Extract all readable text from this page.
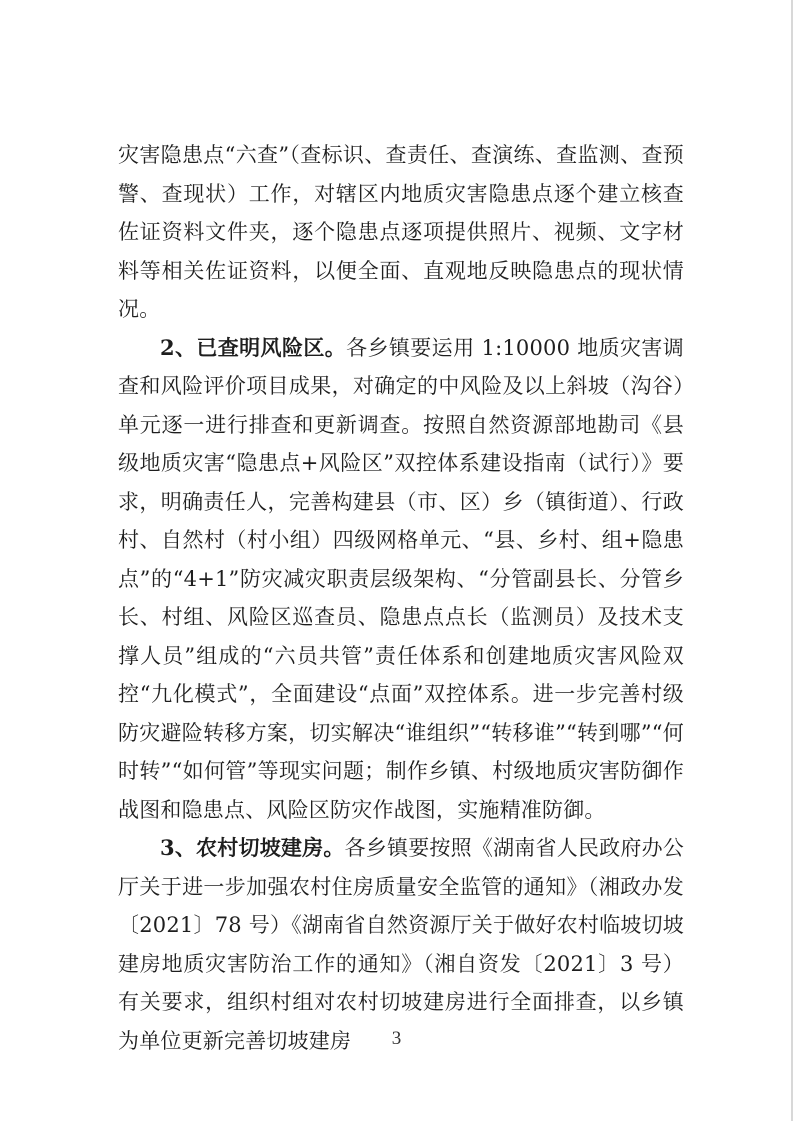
灾害隐患点“六查”（查标识、查责任、查演练、查监测、查预警、查现状）工作，对辖区内地质灾害隐患点逐个建立核查佐证资料文件夹，逐个隐患点逐项提供照片、视频、文字材料等相关佐证资料，以便全面、直观地反映隐患点的现状情况。

2、已查明风险区。各乡镇要运用 1:10000 地质灾害调查和风险评价项目成果，对确定的中风险及以上斜坡（沟谷）单元逐一进行排查和更新调查。按照自然资源部地勘司《县级地质灾害“隐患点+风险区”双控体系建设指南（试行）》要求，明确责任人，完善构建县（市、区）乡（镇街道）、行政村、自然村（村小组）四级网格单元、“县、乡村、组+隐患点”的“4+1”防灾减灾职责层级架构、“分管副县长、分管乡长、村组、风险区巡查员、隐患点点长（监测员）及技术支撑人员”组成的“六员共管”责任体系和创建地质灾害风险双控“九化模式”，全面建设“点面”双控体系。进一步完善村级防灾避险转移方案，切实解决“谁组织”“转移谁”“转到哪”“何时转”“如何管”等现实问题；制作乡镇、村级地质灾害防御作战图和隐患点、风险区防灾作战图，实施精准防御。

3、农村切坡建房。各乡镇要按照《湖南省人民政府办公厅关于进一步加强农村住房质量安全监管的通知》（湘政办发〔2021〕78 号）《湖南省自然资源厅关于做好农村临坡切坡建房地质灾害防治工作的通知》（湘自资发〔2021〕3 号）有关要求，组织村组对农村切坡建房进行全面排查，以乡镇为单位更新完善切坡建房	3
